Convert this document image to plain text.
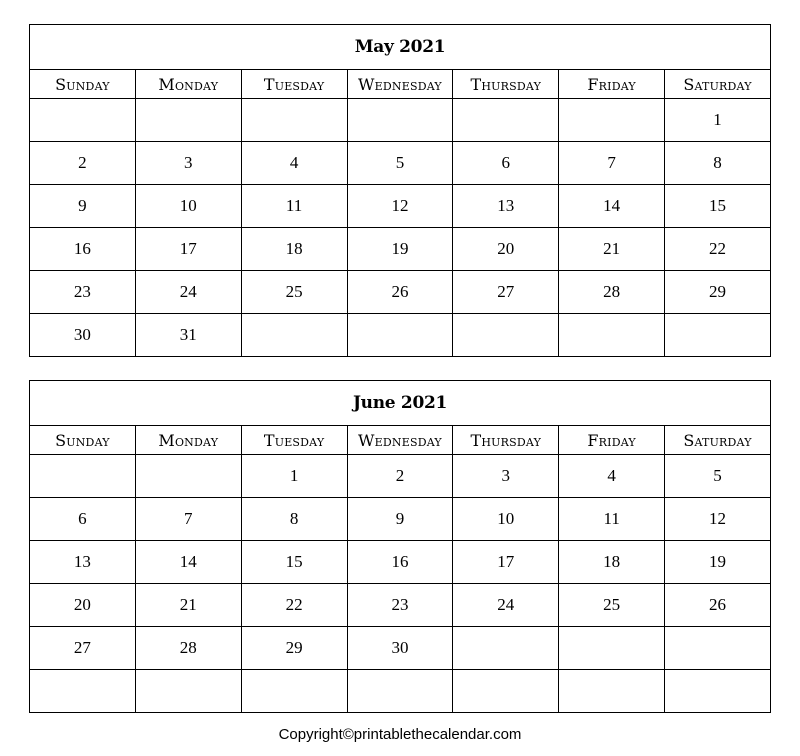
May 2021						
Sunday	Monday	Tuesday	Wednesday	Thursday	Friday	Saturday
						1
2	3	4	5	6	7	8
9	10	11	12	13	14	15
16	17	18	19	20	21	22
23	24	25	26	27	28	29
30	31					
June 2021						
Sunday	Monday	Tuesday	Wednesday	Thursday	Friday	Saturday
		1	2	3	4	5
6	7	8	9	10	11	12
13	14	15	16	17	18	19
20	21	22	23	24	25	26
27	28	29	30			

Copyright©printablethecalendar.com
